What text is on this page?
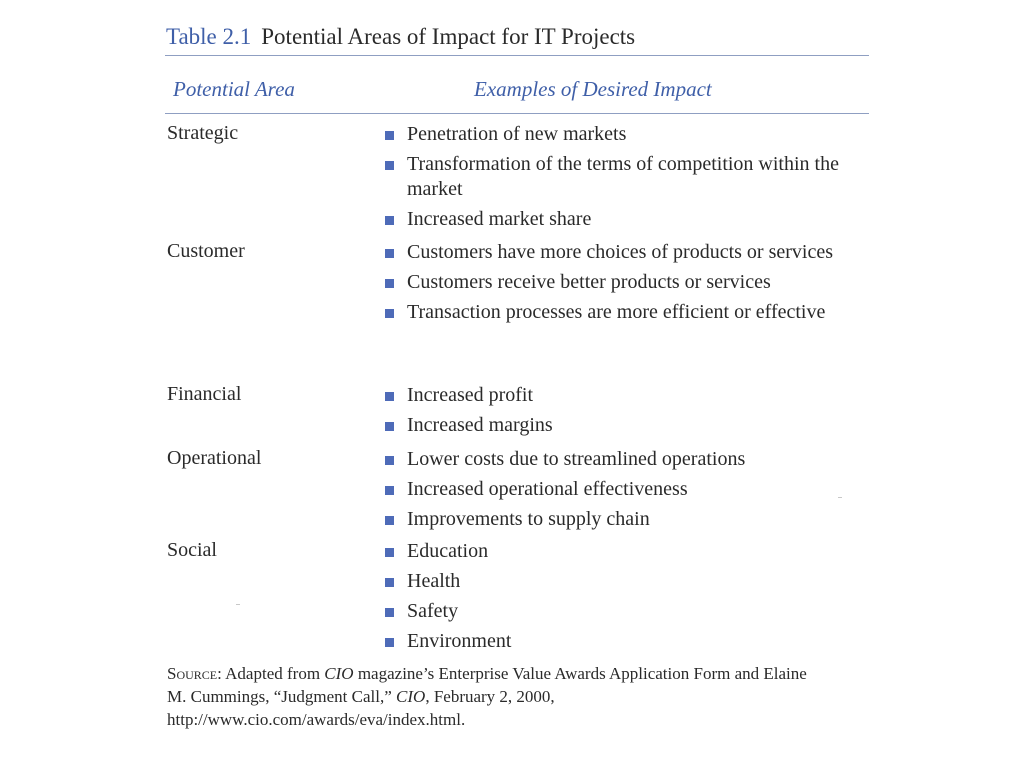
Table 2.1 Potential Areas of Impact for IT Projects
Potential Area	Examples of Desired Impact
Strategic	Penetration of new markets
Transformation of the terms of competition within the market
Increased market share
Customer	Customers have more choices of products or services
Customers receive better products or services
Transaction processes are more efficient or effective
Financial	Increased profit
Increased margins
Operational	Lower costs due to streamlined operations
Increased operational effectiveness
Improvements to supply chain
Social	Education
Health
Safety
Environment
Source: Adapted from CIO magazine’s Enterprise Value Awards Application Form and Elaine M. Cummings, “Judgment Call,” CIO, February 2, 2000, http://www.cio.com/awards/eva/index.html.
